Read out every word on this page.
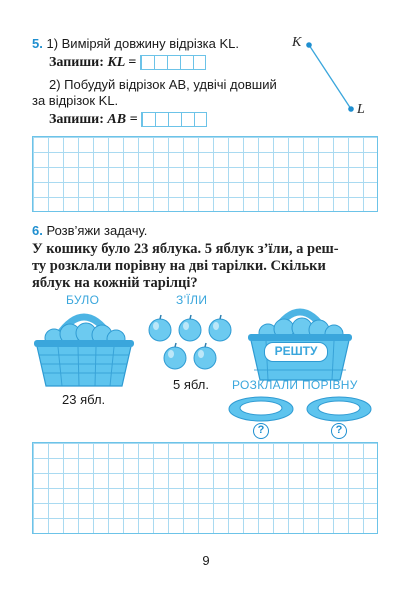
5. 1) Виміряй довжину відрізка KL.
Запиши: KL =
2) Побудуй відрізок AB, удвічі довший
за відрізок KL.
Запиши: AB =
K
L
6. Розв’яжи задачу.
У кошику було 23 яблука. 5 яблук з’їли, а реш-
ту розклали порівну на дві тарілки. Скільки
яблук на кожній тарілці?
БУЛО	З’ЇЛИ
23 ябл.
5 ябл.
РЕШТУ
РОЗКЛАЛИ ПОРІВНУ
?	?
9
